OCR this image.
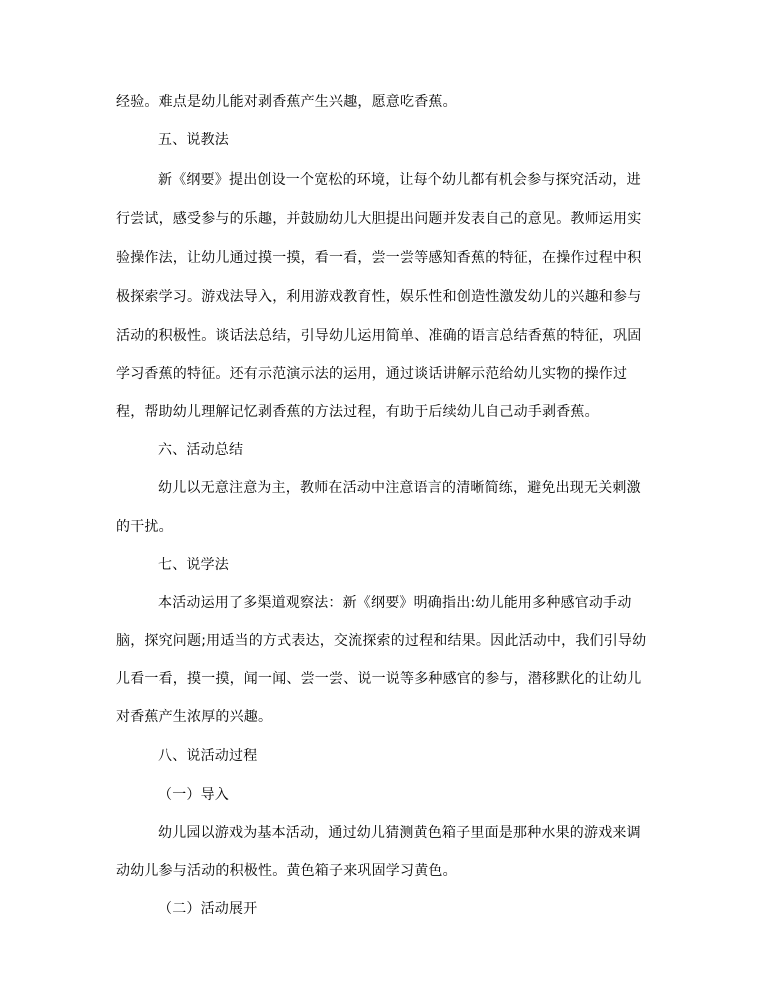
经验。难点是幼儿能对剥香蕉产生兴趣，愿意吃香蕉。
五、说教法
新《纲要》提出创设一个宽松的环境，让每个幼儿都有机会参与探究活动，进
行尝试，感受参与的乐趣，并鼓励幼儿大胆提出问题并发表自己的意见。教师运用实
验操作法，让幼儿通过摸一摸，看一看，尝一尝等感知香蕉的特征，在操作过程中积
极探索学习。游戏法导入，利用游戏教育性，娱乐性和创造性激发幼儿的兴趣和参与
活动的积极性。谈话法总结，引导幼儿运用简单、准确的语言总结香蕉的特征，巩固
学习香蕉的特征。还有示范演示法的运用，通过谈话讲解示范给幼儿实物的操作过
程，帮助幼儿理解记忆剥香蕉的方法过程，有助于后续幼儿自己动手剥香蕉。
六、活动总结
幼儿以无意注意为主，教师在活动中注意语言的清晰简练，避免出现无关刺激
的干扰。
七、说学法
本活动运用了多渠道观察法：新《纲要》明确指出:幼儿能用多种感官动手动
脑，探究问题;用适当的方式表达，交流探索的过程和结果。因此活动中，我们引导幼
儿看一看，摸一摸，闻一闻、尝一尝、说一说等多种感官的参与，潜移默化的让幼儿
对香蕉产生浓厚的兴趣。
八、说活动过程
（一）导入
幼儿园以游戏为基本活动，通过幼儿猜测黄色箱子里面是那种水果的游戏来调
动幼儿参与活动的积极性。黄色箱子来巩固学习黄色。
（二）活动展开
